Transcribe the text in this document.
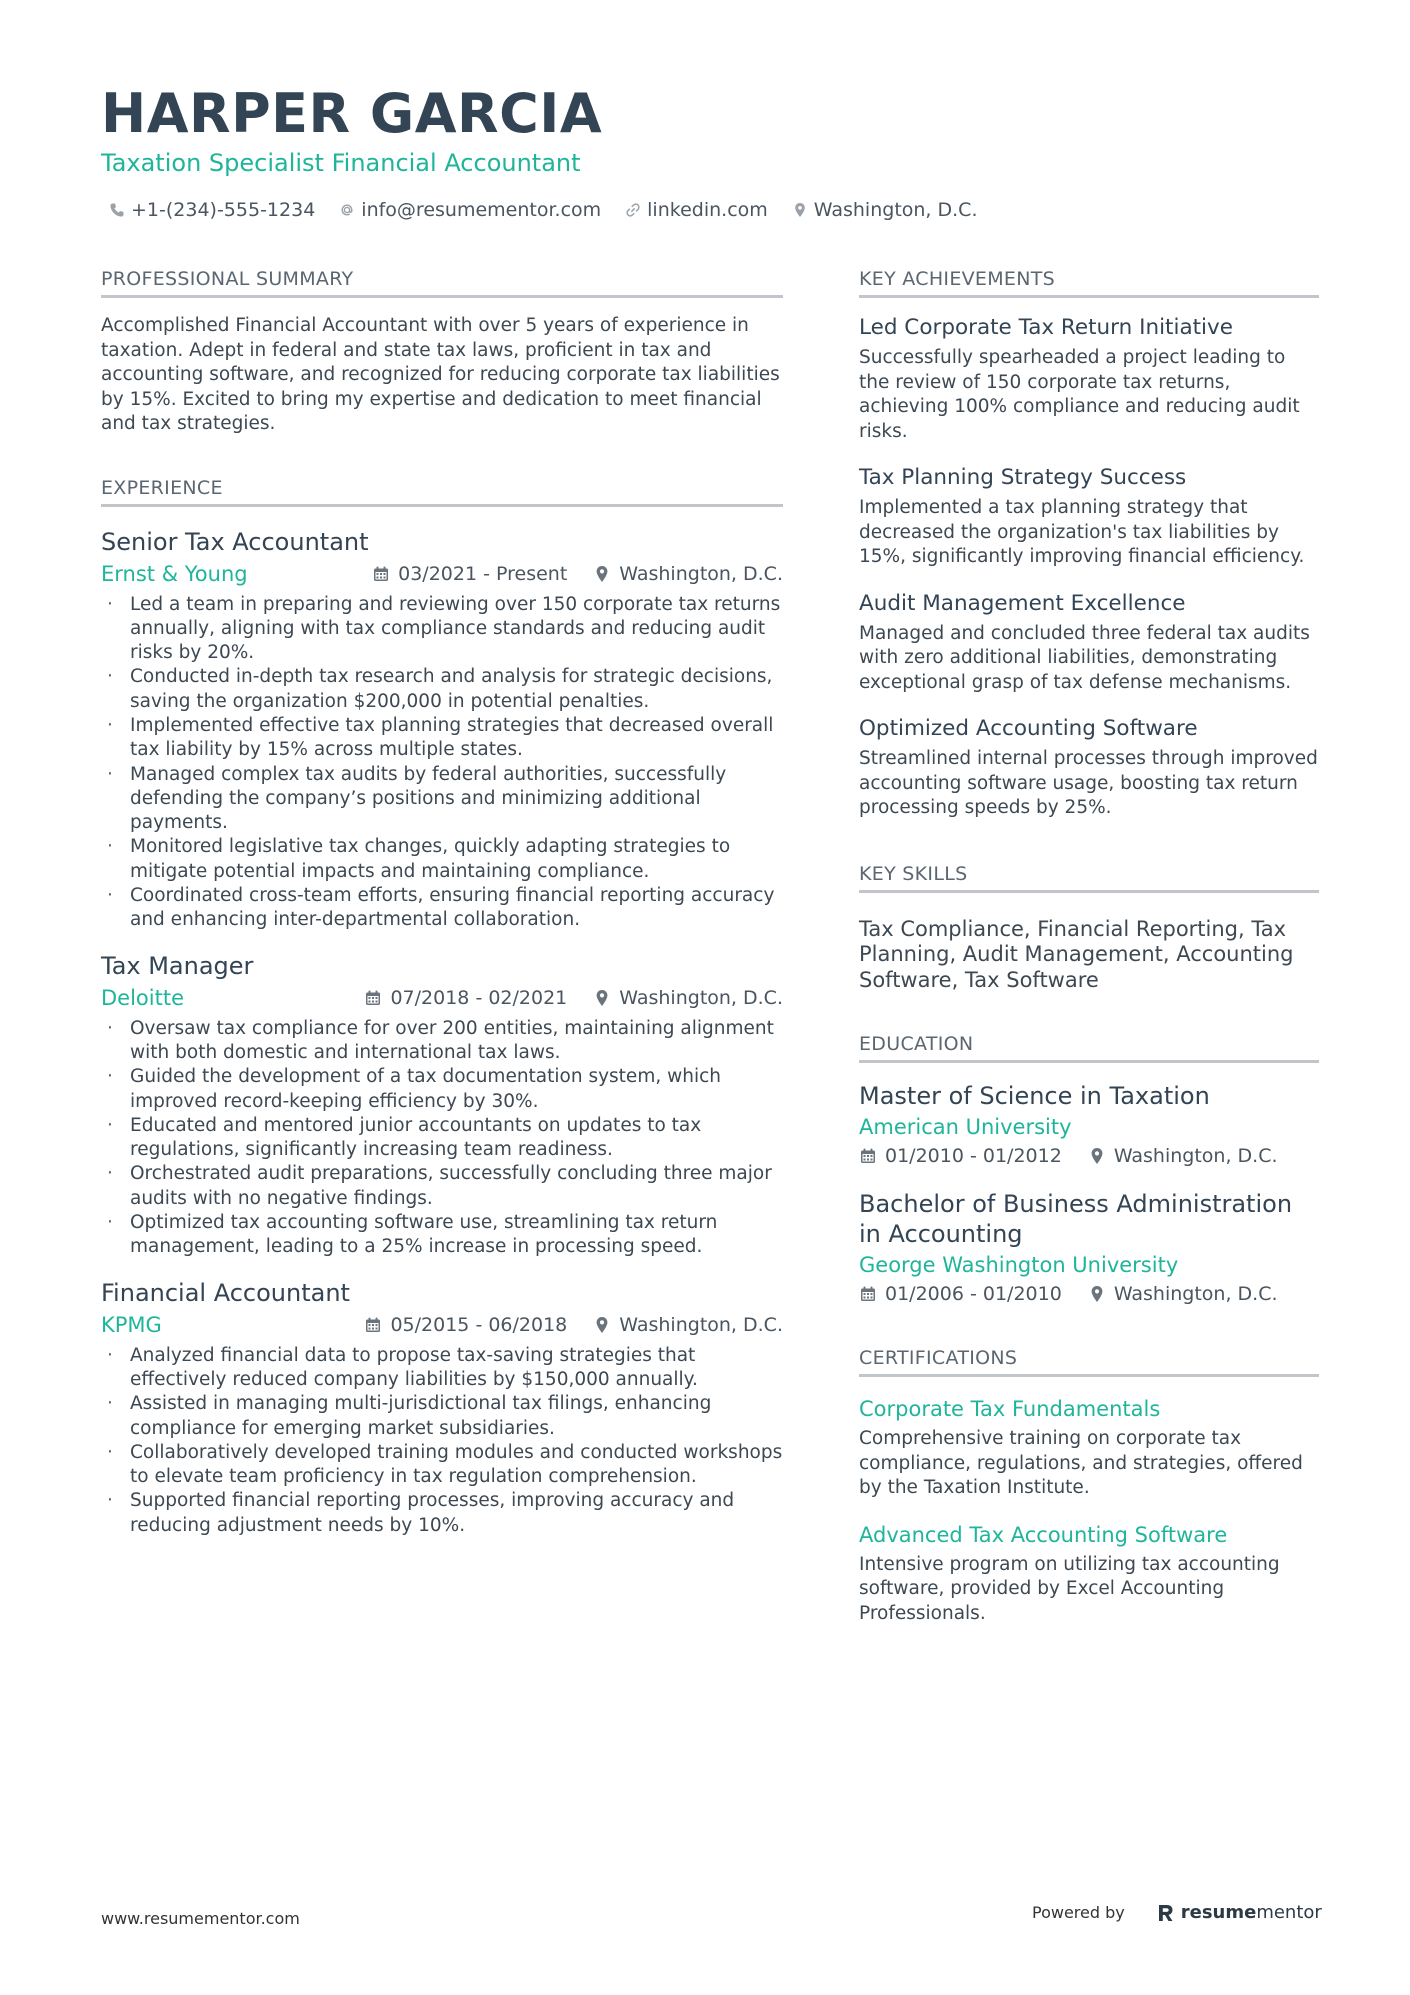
HARPER GARCIA
Taxation Specialist Financial Accountant
+1-(234)-555-1234 info@resumementor.com linkedin.com Washington, D.C.
PROFESSIONAL SUMMARY
Accomplished Financial Accountant with over 5 years of experience in taxation. Adept in federal and state tax laws, proficient in tax and accounting software, and recognized for reducing corporate tax liabilities by 15%. Excited to bring my expertise and dedication to meet financial and tax strategies.
EXPERIENCE
Senior Tax Accountant
Ernst & Young	03/2021 - Present	Washington, D.C.
· Led a team in preparing and reviewing over 150 corporate tax returns annually, aligning with tax compliance standards and reducing audit risks by 20%.
· Conducted in-depth tax research and analysis for strategic decisions, saving the organization $200,000 in potential penalties.
· Implemented effective tax planning strategies that decreased overall tax liability by 15% across multiple states.
· Managed complex tax audits by federal authorities, successfully defending the company’s positions and minimizing additional payments.
· Monitored legislative tax changes, quickly adapting strategies to mitigate potential impacts and maintaining compliance.
· Coordinated cross-team efforts, ensuring financial reporting accuracy and enhancing inter-departmental collaboration.
Tax Manager
Deloitte	07/2018 - 02/2021	Washington, D.C.
· Oversaw tax compliance for over 200 entities, maintaining alignment with both domestic and international tax laws.
· Guided the development of a tax documentation system, which improved record-keeping efficiency by 30%.
· Educated and mentored junior accountants on updates to tax regulations, significantly increasing team readiness.
· Orchestrated audit preparations, successfully concluding three major audits with no negative findings.
· Optimized tax accounting software use, streamlining tax return management, leading to a 25% increase in processing speed.
Financial Accountant
KPMG	05/2015 - 06/2018	Washington, D.C.
· Analyzed financial data to propose tax-saving strategies that effectively reduced company liabilities by $150,000 annually.
· Assisted in managing multi-jurisdictional tax filings, enhancing compliance for emerging market subsidiaries.
· Collaboratively developed training modules and conducted workshops to elevate team proficiency in tax regulation comprehension.
· Supported financial reporting processes, improving accuracy and reducing adjustment needs by 10%.
KEY ACHIEVEMENTS
Led Corporate Tax Return Initiative
Successfully spearheaded a project leading to the review of 150 corporate tax returns, achieving 100% compliance and reducing audit risks.
Tax Planning Strategy Success
Implemented a tax planning strategy that decreased the organization's tax liabilities by 15%, significantly improving financial efficiency.
Audit Management Excellence
Managed and concluded three federal tax audits with zero additional liabilities, demonstrating exceptional grasp of tax defense mechanisms.
Optimized Accounting Software
Streamlined internal processes through improved accounting software usage, boosting tax return processing speeds by 25%.
KEY SKILLS
Tax Compliance, Financial Reporting, Tax Planning, Audit Management, Accounting Software, Tax Software
EDUCATION
Master of Science in Taxation
American University
01/2010 - 01/2012	Washington, D.C.
Bachelor of Business Administration in Accounting
George Washington University
01/2006 - 01/2010	Washington, D.C.
CERTIFICATIONS
Corporate Tax Fundamentals
Comprehensive training on corporate tax compliance, regulations, and strategies, offered by the Taxation Institute.
Advanced Tax Accounting Software
Intensive program on utilizing tax accounting software, provided by Excel Accounting Professionals.
www.resumementor.com	Powered by	resume mentor
